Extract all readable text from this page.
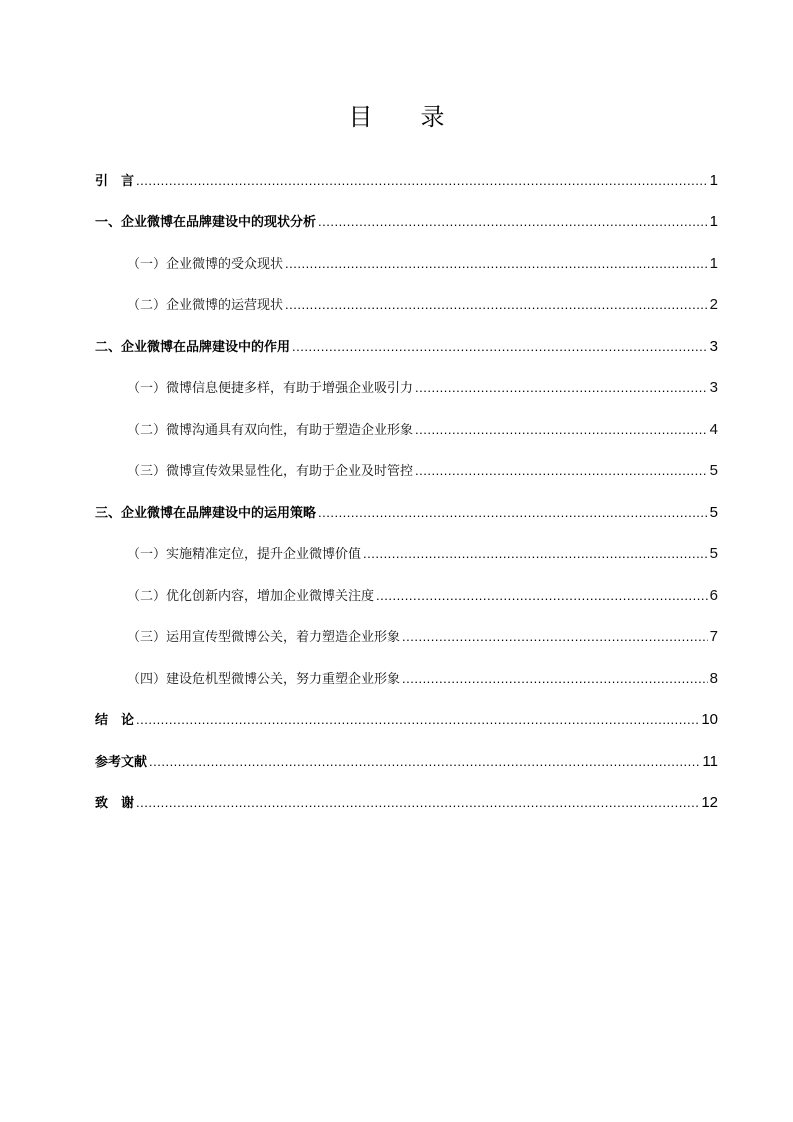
目 录
引　言 .....	1
一、企业微博在品牌建设中的现状分析 .....	1
（一）企业微博的受众现状 .....	1
（二）企业微博的运营现状 .....	2
二、企业微博在品牌建设中的作用 .....	3
（一）微博信息便捷多样，有助于增强企业吸引力 .....	3
（二）微博沟通具有双向性，有助于塑造企业形象 .....	4
（三）微博宣传效果显性化，有助于企业及时管控 .....	5
三、企业微博在品牌建设中的运用策略 .....	5
（一）实施精准定位，提升企业微博价值 .....	5
（二）优化创新内容，增加企业微博关注度 .....	6
（三）运用宣传型微博公关，着力塑造企业形象 .....	7
（四）建设危机型微博公关，努力重塑企业形象 .....	8
结　论 .....	10
参考文献 .....	11
致　谢 .....	12
